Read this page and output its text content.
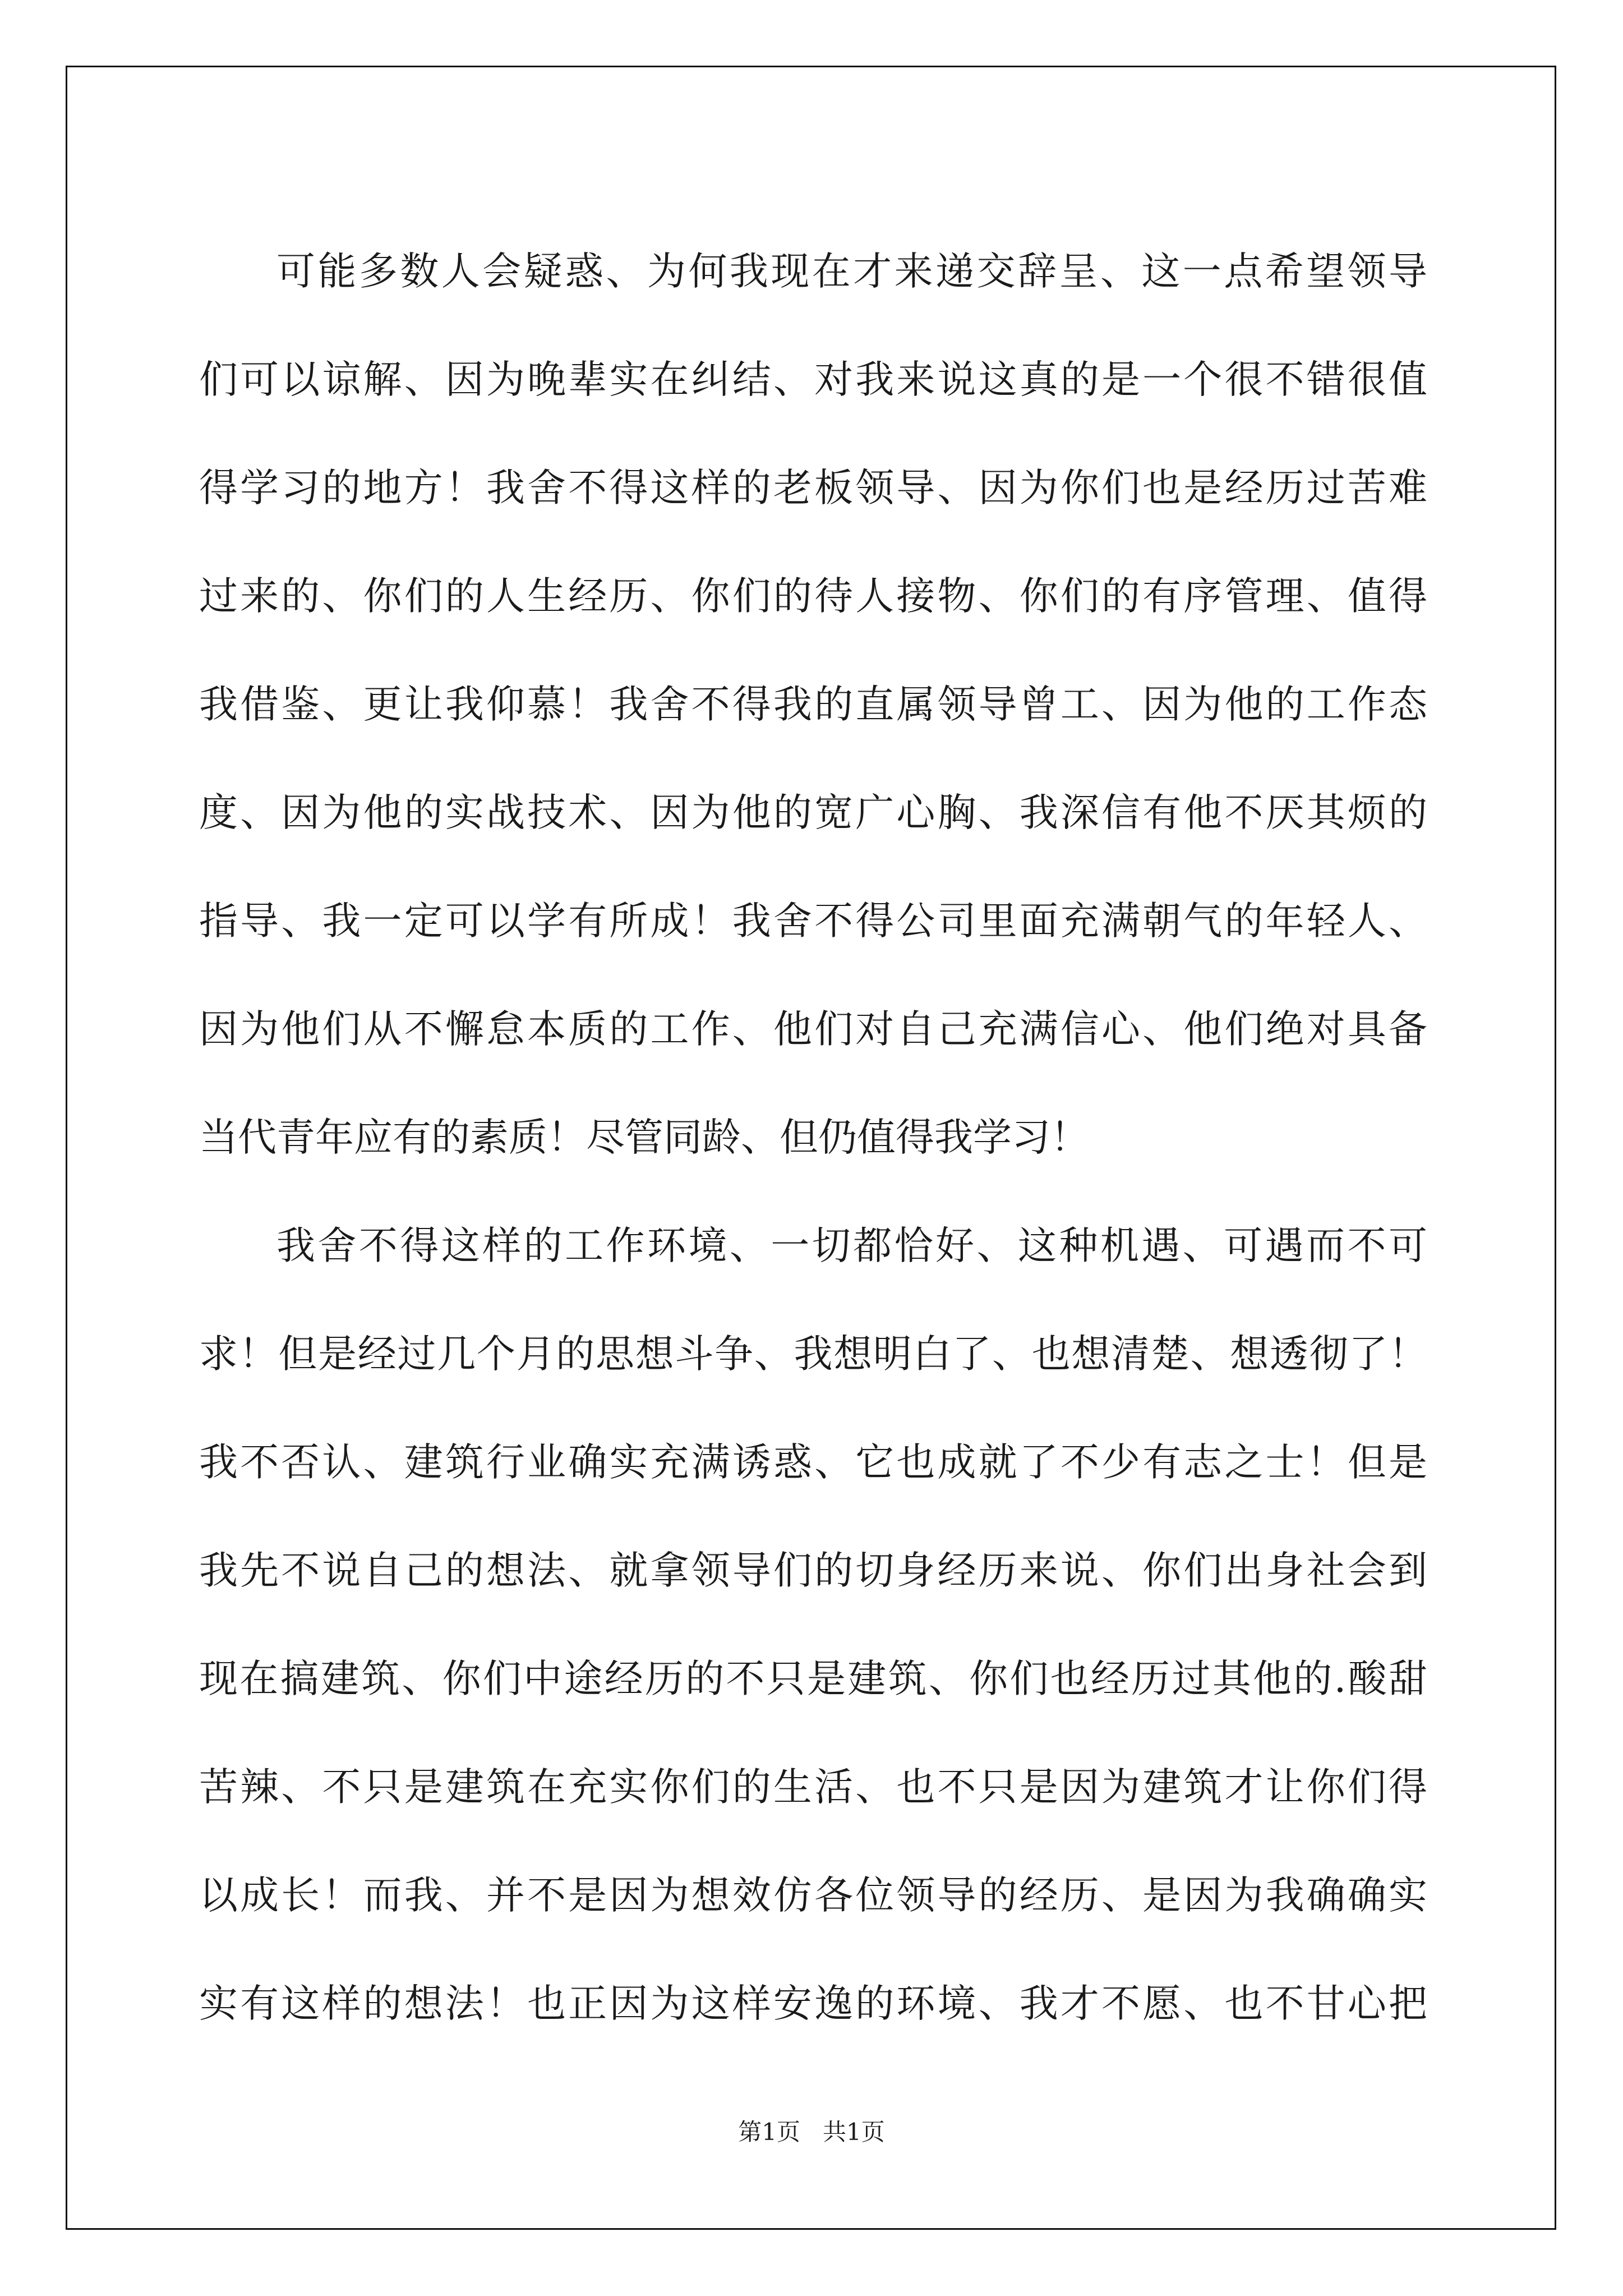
可能多数人会疑惑、为何我现在才来递交辞呈、这一点希望领导
们可以谅解、因为晚辈实在纠结、对我来说这真的是一个很不错很值
得学习的地方！我舍不得这样的老板领导、因为你们也是经历过苦难
过来的、你们的人生经历、你们的待人接物、你们的有序管理、值得
我借鉴、更让我仰慕！我舍不得我的直属领导曾工、因为他的工作态
度、因为他的实战技术、因为他的宽广心胸、我深信有他不厌其烦的
指导、我一定可以学有所成！我舍不得公司里面充满朝气的年轻人、
因为他们从不懈怠本质的工作、他们对自己充满信心、他们绝对具备
当代青年应有的素质！尽管同龄、但仍值得我学习！
我舍不得这样的工作环境、一切都恰好、这种机遇、可遇而不可
求！但是经过几个月的思想斗争、我想明白了、也想清楚、想透彻了！
我不否认、建筑行业确实充满诱惑、它也成就了不少有志之士！但是
我先不说自己的想法、就拿领导们的切身经历来说、你们出身社会到
现在搞建筑、你们中途经历的不只是建筑、你们也经历过其他的.酸甜
苦辣、不只是建筑在充实你们的生活、也不只是因为建筑才让你们得
以成长！而我、并不是因为想效仿各位领导的经历、是因为我确确实
实有这样的想法！也正因为这样安逸的环境、我才不愿、也不甘心把
第1页 共1页
